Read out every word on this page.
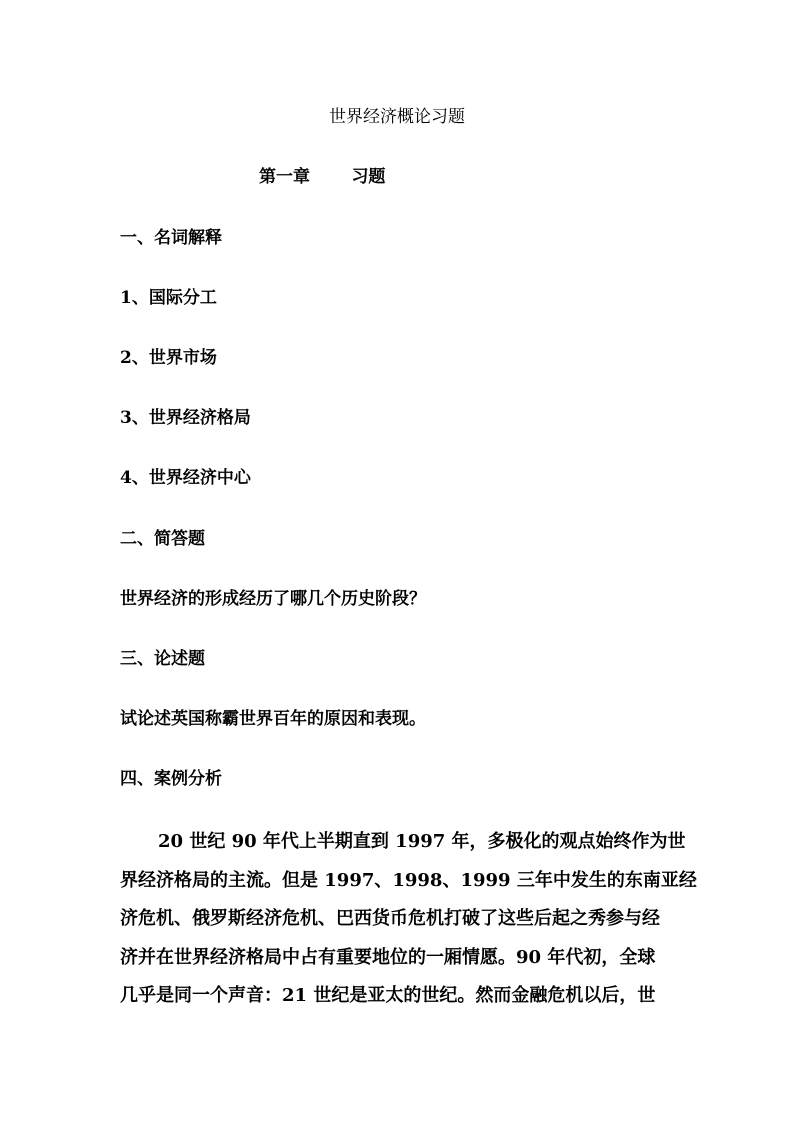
世界经济概论习题
第一章 习题
一、名词解释
1、国际分工
2、世界市场
3、世界经济格局
4、世界经济中心
二、简答题
世界经济的形成经历了哪几个历史阶段？
三、论述题
试论述英国称霸世界百年的原因和表现。
四、案例分析

20 世纪 90 年代上半期直到 1997 年，多极化的观点始终作为世

界经济格局的主流。但是 1997、1998、1999 三年中发生的东南亚经

济危机、俄罗斯经济危机、巴西货币危机打破了这些后起之秀参与经

济并在世界经济格局中占有重要地位的一厢情愿。90 年代初，全球

几乎是同一个声音：21 世纪是亚太的世纪。然而金融危机以后，世
